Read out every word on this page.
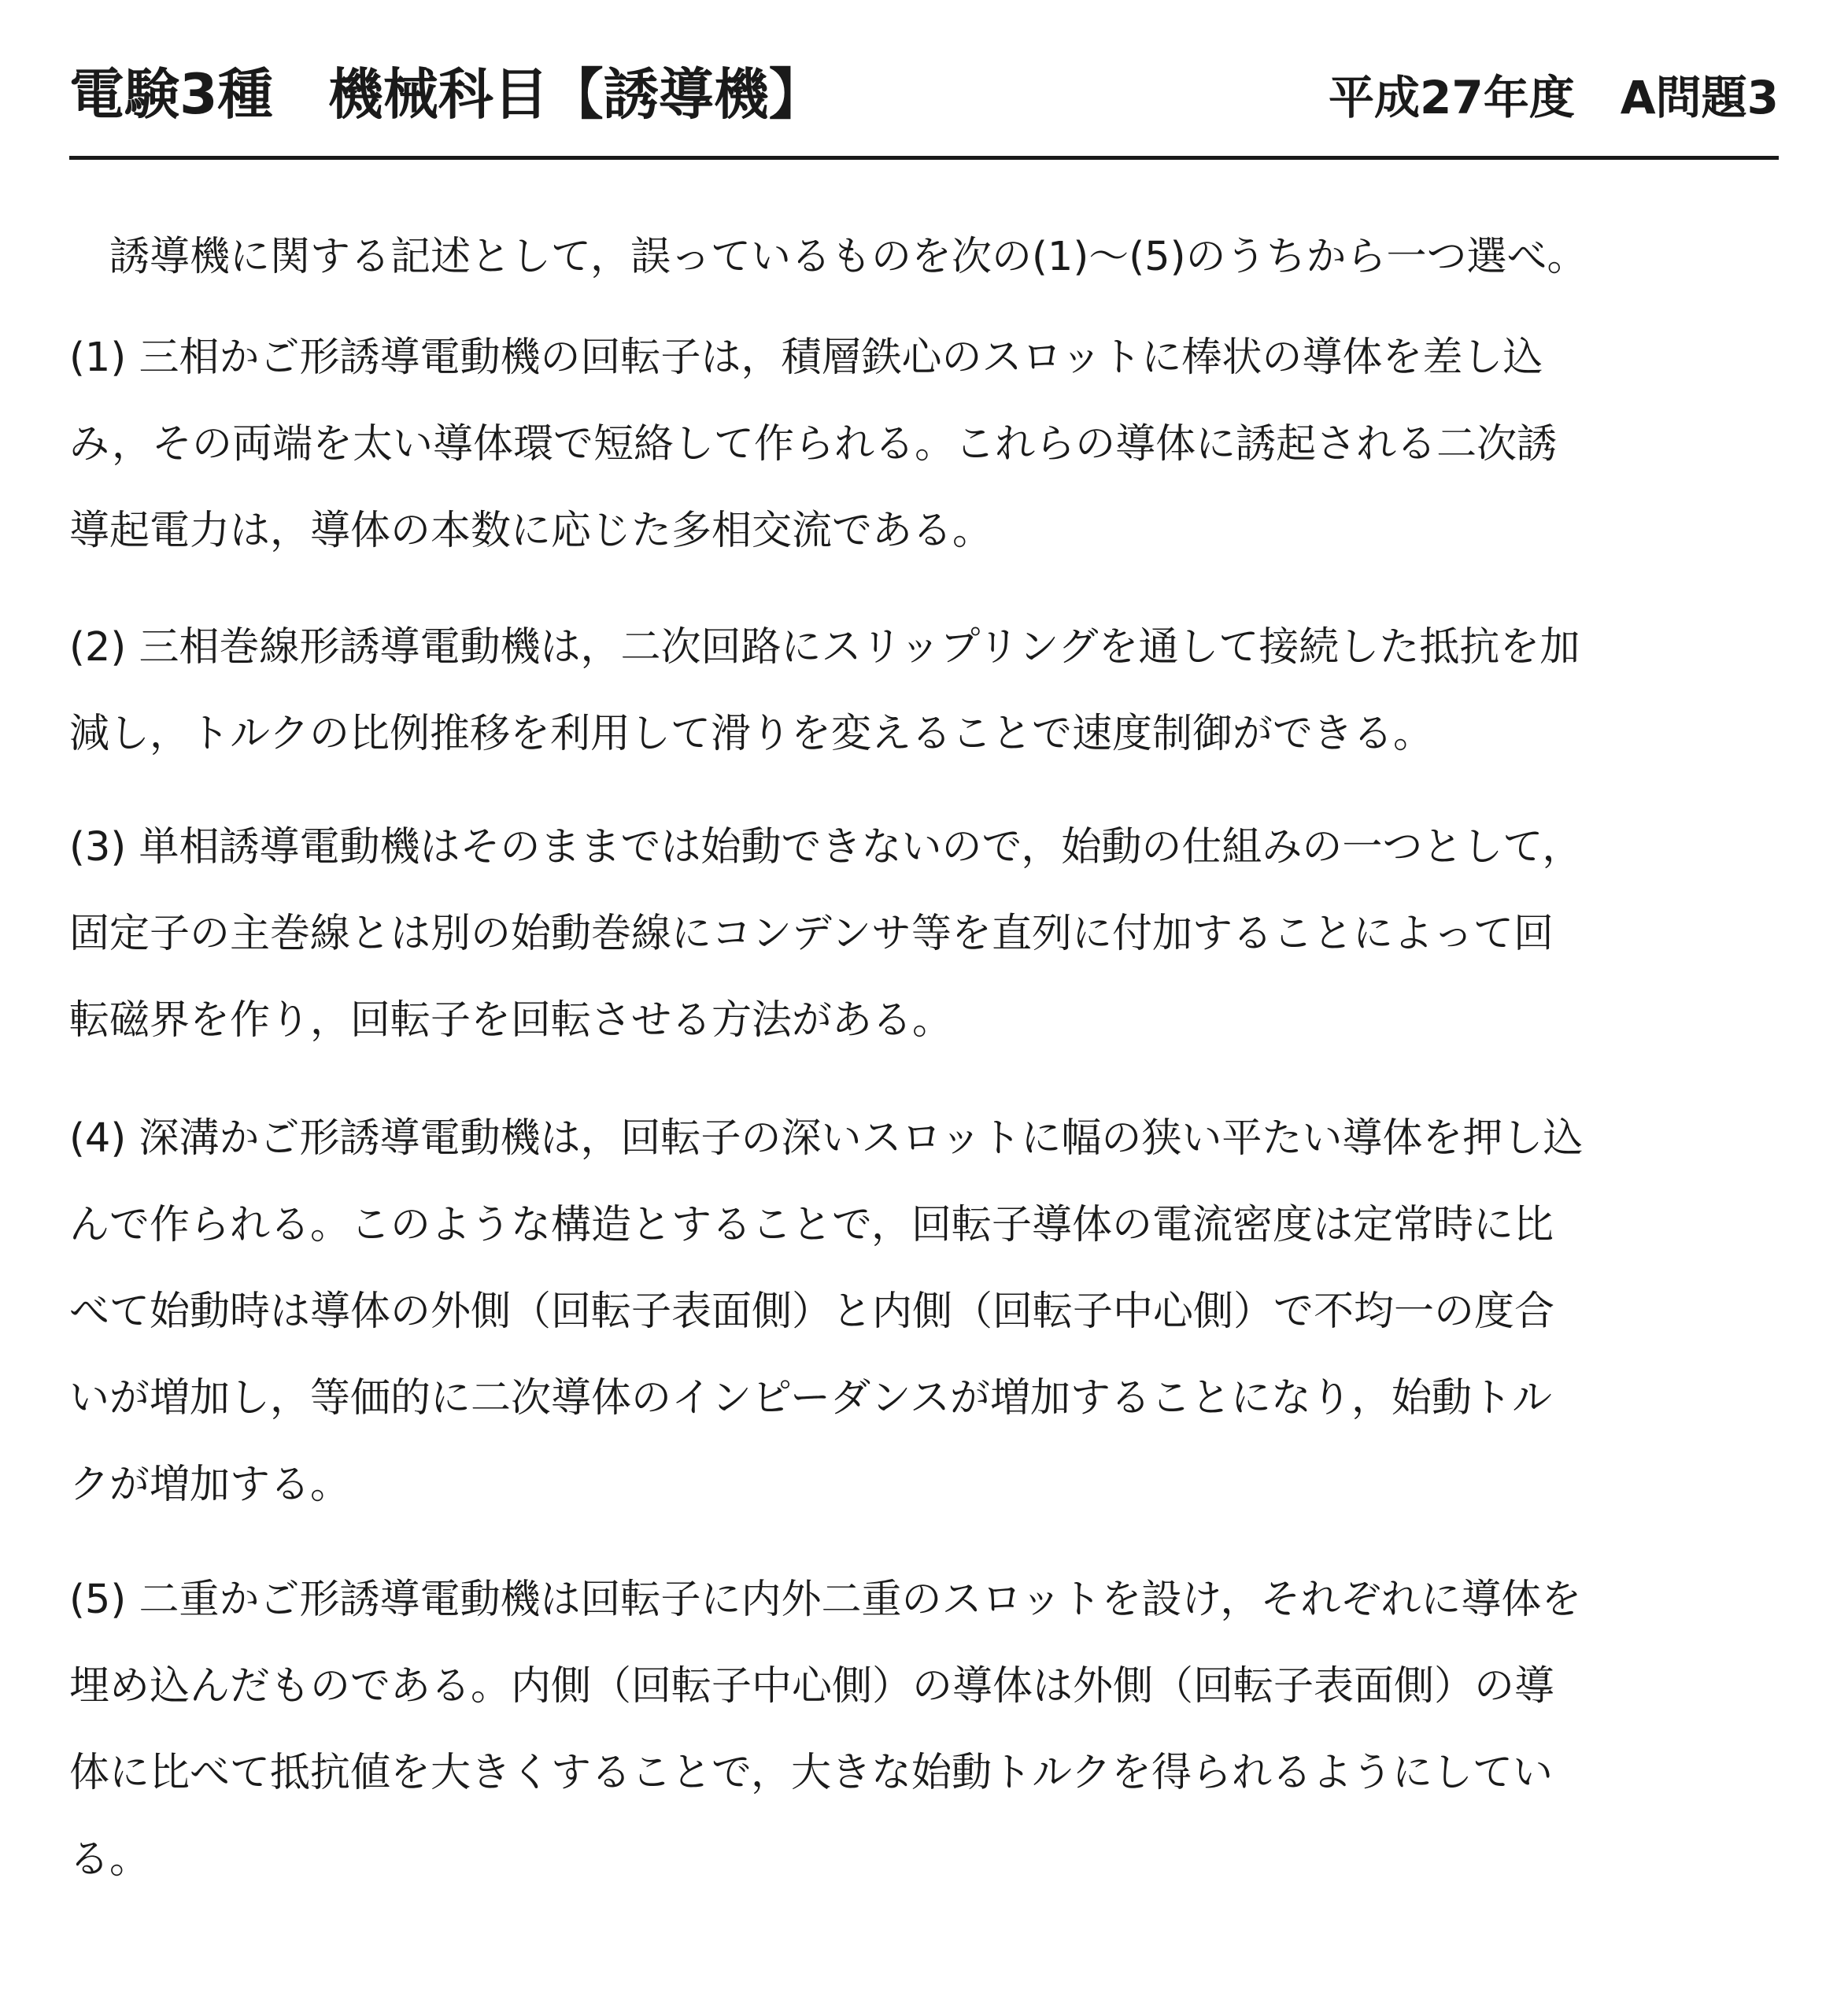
電験3種　機械科目【誘導機】	平成27年度　A問題3
　誘導機に関する記述として，誤っているものを次の(1)～(5)のうちから一つ選べ。
(1) 三相かご形誘導電動機の回転子は，積層鉄心のスロットに棒状の導体を差し込
み，その両端を太い導体環で短絡して作られる。これらの導体に誘起される二次誘
導起電力は，導体の本数に応じた多相交流である。
(2) 三相巻線形誘導電動機は，二次回路にスリップリングを通して接続した抵抗を加
減し，トルクの比例推移を利用して滑りを変えることで速度制御ができる。
(3) 単相誘導電動機はそのままでは始動できないので，始動の仕組みの一つとして，
固定子の主巻線とは別の始動巻線にコンデンサ等を直列に付加することによって回
転磁界を作り，回転子を回転させる方法がある。
(4) 深溝かご形誘導電動機は，回転子の深いスロットに幅の狭い平たい導体を押し込
んで作られる。このような構造とすることで，回転子導体の電流密度は定常時に比
べて始動時は導体の外側（回転子表面側）と内側（回転子中心側）で不均一の度合
いが増加し，等価的に二次導体のインピーダンスが増加することになり，始動トル
クが増加する。
(5) 二重かご形誘導電動機は回転子に内外二重のスロットを設け，それぞれに導体を
埋め込んだものである。内側（回転子中心側）の導体は外側（回転子表面側）の導
体に比べて抵抗値を大きくすることで，大きな始動トルクを得られるようにしてい
る。
